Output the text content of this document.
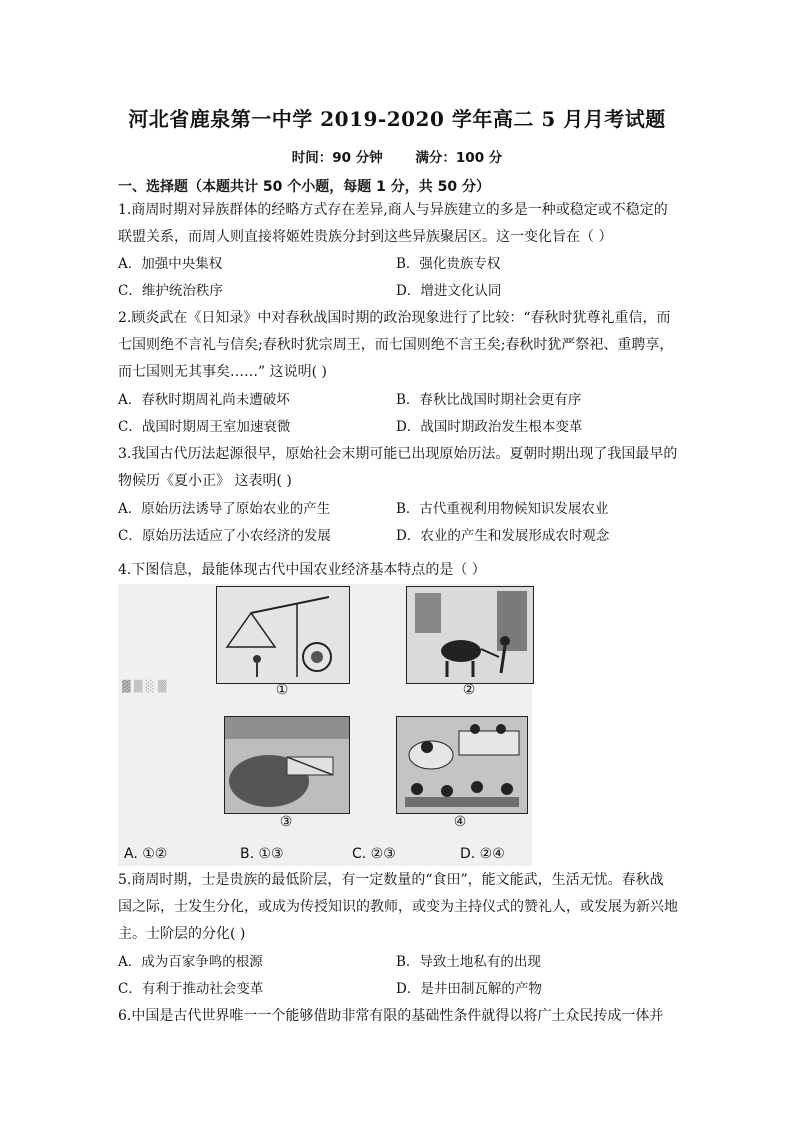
河北省鹿泉第一中学 2019-2020 学年高二 5 月月考试题
时间：90 分钟 满分：100 分
一、选择题（本题共计 50 个小题，每题 1 分，共 50 分）
1.商周时期对异族群体的经略方式存在差异,商人与异族建立的多是一种或稳定或不稳定的
联盟关系，而周人则直接将姬姓贵族分封到这些异族聚居区。这一变化旨在（ ）
A．加强中央集权	B．强化贵族专权
C．维护统治秩序	D．增进文化认同
2.顾炎武在《日知录》中对春秋战国时期的政治现象进行了比较：“春秋时犹尊礼重信，而
七国则绝不言礼与信矣;春秋时犹宗周王，而七国则绝不言王矣;春秋时犹严祭祀、重聘享，
而七国则无其事矣……” 这说明( )
A．春秋时期周礼尚未遭破坏	B．春秋比战国时期社会更有序
C．战国时期周王室加速衰微	D．战国时期政治发生根本变革
3.我国古代历法起源很早，原始社会末期可能已出现原始历法。夏朝时期出现了我国最早的
物候历《夏小正》 这表明( )
A．原始历法诱导了原始农业的产生	B．古代重视利用物候知识发展农业
C．原始历法适应了小农经济的发展	D．农业的产生和发展形成农时观念
4.下图信息，最能体现古代中国农业经济基本特点的是（ ）
▓ ▒ ░ ▒	①	②
③	④
A. ①②	B. ①③	C. ②③	D. ②④
5.商周时期，士是贵族的最低阶层，有一定数量的“食田”，能文能武，生活无忧。春秋战
国之际，士发生分化，或成为传授知识的教师，或变为主持仪式的赞礼人，或发展为新兴地
主。士阶层的分化( )
A．成为百家争鸣的根源	B．导致土地私有的出现
C．有利于推动社会变革	D．是井田制瓦解的产物
6.中国是古代世界唯一一个能够借助非常有限的基础性条件就得以将广土众民抟成一体并
